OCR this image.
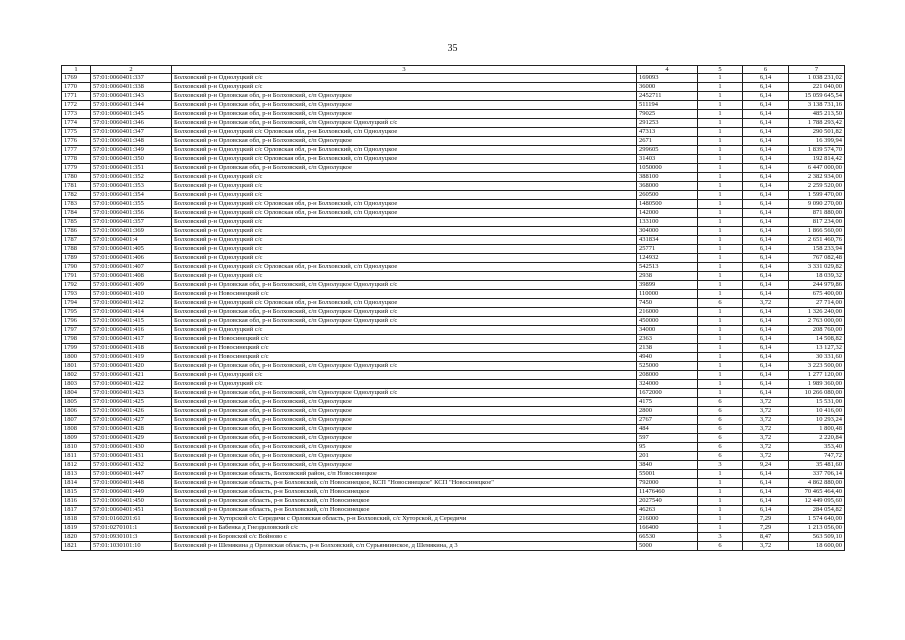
35
1	2	3	4	5	6	7
1769	57:01:0060401:337	Болховский р-н Однолуцкий с/с	169093	1	6,14	1 038 231,02
1770	57:01:0060401:338	Болховский р-н Однолуцкий с/с	36000	1	6,14	221 040,00
1771	57:01:0060401:343	Болховский р-н Орловская обл, р-н Болховский, с/п Однолуцкое	2452711	1	6,14	15 059 645,54
1772	57:01:0060401:344	Болховский р-н Орловская обл, р-н Болховский, с/п Однолуцкое	511194	1	6,14	3 138 731,16
1773	57:01:0060401:345	Болховский р-н Орловская обл, р-н Болховский, с/п Однолуцкое	79025	1	6,14	485 213,50
1774	57:01:0060401:346	Болховский р-н Орловская обл, р-н Болховский, с/п Однолуцкое Однолуцкий с/с	291253	1	6,14	1 788 293,42
1775	57:01:0060401:347	Болховский р-н Однолуцкий с/с Орловская обл, р-н Болховский, с/п Однолуцкое	47313	1	6,14	290 501,82
1776	57:01:0060401:348	Болховский р-н Орловская обл, р-н Болховский, с/п Однолуцкое	2671	1	6,14	16 399,94
1777	57:01:0060401:349	Болховский р-н Однолуцкий с/с Орловская обл, р-н Болховский, с/п Однолуцкое	299605	1	6,14	1 839 574,70
1778	57:01:0060401:350	Болховский р-н Однолуцкий с/с Орловская обл, р-н Болховский, с/п Однолуцкое	31403	1	6,14	192 814,42
1779	57:01:0060401:351	Болховский р-н Орловская обл, р-н Болховский, с/п Однолуцкое	1050000	1	6,14	6 447 000,00
1780	57:01:0060401:352	Болховский р-н Однолуцкий с/с	388100	1	6,14	2 382 934,00
1781	57:01:0060401:353	Болховский р-н Однолуцкий с/с	368000	1	6,14	2 259 520,00
1782	57:01:0060401:354	Болховский р-н Однолуцкий с/с	260500	1	6,14	1 599 470,00
1783	57:01:0060401:355	Болховский р-н Однолуцкий с/с Орловская обл, р-н Болховский, с/п Однолуцкое	1480500	1	6,14	9 090 270,00
1784	57:01:0060401:356	Болховский р-н Однолуцкий с/с Орловская обл, р-н Болховский, с/п Однолуцкое	142000	1	6,14	871 880,00
1785	57:01:0060401:357	Болховский р-н Однолуцкий с/с	133100	1	6,14	817 234,00
1786	57:01:0060401:369	Болховский р-н Однолуцкий с/с	304000	1	6,14	1 866 560,00
1787	57:01:0060401:4	Болховский р-н Однолуцкий с/с	431834	1	6,14	2 651 460,76
1788	57:01:0060401:405	Болховский р-н Однолуцкий с/с	25771	1	6,14	158 233,94
1789	57:01:0060401:406	Болховский р-н Однолуцкий с/с	124932	1	6,14	767 082,48
1790	57:01:0060401:407	Болховский р-н Однолуцкий с/с Орловская обл, р-н Болховский, с/п Однолуцкое	542513	1	6,14	3 331 029,82
1791	57:01:0060401:408	Болховский р-н Однолуцкий с/с	2938	1	6,14	18 039,32
1792	57:01:0060401:409	Болховский р-н Орловская обл, р-н Болховский, с/п Однолуцкое Однолуцкий с/с	39899	1	6,14	244 979,86
1793	57:01:0060401:410	Болховский р-н Новосинецкий с/с	110000	1	6,14	675 400,00
1794	57:01:0060401:412	Болховский р-н Однолуцкий с/с Орловская обл, р-н Болховский, с/п Однолуцкое	7450	6	3,72	27 714,00
1795	57:01:0060401:414	Болховский р-н Орловская обл, р-н Болховский, с/п Однолуцкое Однолуцкий с/с	216000	1	6,14	1 326 240,00
1796	57:01:0060401:415	Болховский р-н Орловская обл, р-н Болховский, с/п Однолуцкое Однолуцкий с/с	450000	1	6,14	2 763 000,00
1797	57:01:0060401:416	Болховский р-н Однолуцкий с/с	34000	1	6,14	208 760,00
1798	57:01:0060401:417	Болховский р-н Новосинецкий с/с	2363	1	6,14	14 508,82
1799	57:01:0060401:418	Болховский р-н Новосинецкий с/с	2138	1	6,14	13 127,32
1800	57:01:0060401:419	Болховский р-н Новосинецкий с/с	4940	1	6,14	30 331,60
1801	57:01:0060401:420	Болховский р-н Орловская обл, р-н Болховский, с/п Однолуцкое Однолуцкий с/с	525000	1	6,14	3 223 500,00
1802	57:01:0060401:421	Болховский р-н Однолуцкий с/с	208000	1	6,14	1 277 120,00
1803	57:01:0060401:422	Болховский р-н Однолуцкий с/с	324000	1	6,14	1 989 360,00
1804	57:01:0060401:423	Болховский р-н Орловская обл, р-н Болховский, с/п Однолуцкое Однолуцкий с/с	1672000	1	6,14	10 266 080,00
1805	57:01:0060401:425	Болховский р-н Орловская обл, р-н Болховский, с/п Однолуцкое	4175	6	3,72	15 531,00
1806	57:01:0060401:426	Болховский р-н Орловская обл, р-н Болховский, с/п Однолуцкое	2800	6	3,72	10 416,00
1807	57:01:0060401:427	Болховский р-н Орловская обл, р-н Болховский, с/п Однолуцкое	2767	6	3,72	10 293,24
1808	57:01:0060401:428	Болховский р-н Орловская обл, р-н Болховский, с/п Однолуцкое	484	6	3,72	1 800,48
1809	57:01:0060401:429	Болховский р-н Орловская обл, р-н Болховский, с/п Однолуцкое	597	6	3,72	2 220,84
1810	57:01:0060401:430	Болховский р-н Орловская обл, р-н Болховский, с/п Однолуцкое	95	6	3,72	353,40
1811	57:01:0060401:431	Болховский р-н Орловская обл, р-н Болховский, с/п Однолуцкое	201	6	3,72	747,72
1812	57:01:0060401:432	Болховский р-н Орловская обл, р-н Болховский, с/п Однолуцкое	3840	3	9,24	35 481,60
1813	57:01:0060401:447	Болховский р-н Орловская область, Болховский район, с/п Новосинецкое	55001	1	6,14	337 706,14
1814	57:01:0060401:448	Болховский р-н Орловская область, р-н Болховский, с/п Новосинецкое, КСП "Новосинецкое" КСП "Новосинецкое"	792000	1	6,14	4 862 880,00
1815	57:01:0060401:449	Болховский р-н Орловская область, р-н Болховский, с/п Новосинецкое	11476460	1	6,14	70 465 464,40
1816	57:01:0060401:450	Болховский р-н Орловская область, р-н Болховский, с/п Новосинецкое	2027540	1	6,14	12 449 095,60
1817	57:01:0060401:451	Болховский р-н Орловская область, р-н Болховский, с/п Новосинецкое	46263	1	6,14	284 054,82
1818	57:01:0160201:61	Болховский р-н Хуторской с/с Середичи с Орловская область, р-н Болховский, с/с Хуторской, д Середичи	216000	1	7,29	1 574 640,00
1819	57:01:0270101:1	Болховский р-н Бабенка д Гнездиловский с/с	166400	1	7,29	1 213 056,00
1820	57:01:0930101:3	Болховский р-н Боровской с/с Войново с	66530	3	8,47	563 509,10
1821	57:01:1030101:10	Болховский р-н Шемякина д Орловская область, р-н Болховский, с/п Сурьяниинское, д Шемякина, д 3	5000	6	3,72	18 600,00
